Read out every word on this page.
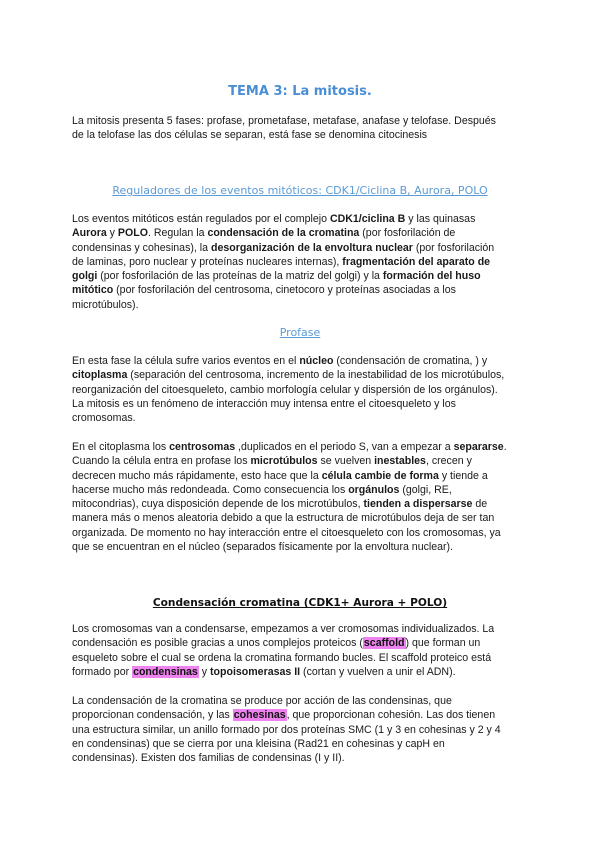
TEMA 3: La mitosis.
La mitosis presenta 5 fases: profase, prometafase, metafase, anafase y telofase. Después
de la telofase las dos células se separan, está fase se denomina citocinesis
Reguladores de los eventos mitóticos: CDK1/Ciclina B, Aurora, POLO
Los eventos mitóticos están regulados por el complejo CDK1/ciclina B y las quinasas
Aurora y POLO. Regulan la condensación de la cromatina (por fosforilación de
condensinas y cohesinas), la desorganización de la envoltura nuclear (por fosforilación
de laminas, poro nuclear y proteínas nucleares internas), fragmentación del aparato de
golgi (por fosforilación de las proteínas de la matriz del golgi) y la formación del huso
mitótico (por fosforilación del centrosoma, cinetocoro y proteínas asociadas a los
microtúbulos).
Profase
En esta fase la célula sufre varios eventos en el núcleo (condensación de cromatina, ) y
citoplasma (separación del centrosoma, incremento de la inestabilidad de los microtúbulos,
reorganización del citoesqueleto, cambio morfología celular y dispersión de los orgánulos).
La mitosis es un fenómeno de interacción muy intensa entre el citoesqueleto y los
cromosomas.
En el citoplasma los centrosomas ,duplicados en el periodo S, van a empezar a separarse.
Cuando la célula entra en profase los microtúbulos se vuelven inestables, crecen y
decrecen mucho más rápidamente, esto hace que la célula cambie de forma y tiende a
hacerse mucho más redondeada. Como consecuencia los orgánulos (golgi, RE,
mitocondrias), cuya disposición depende de los microtúbulos, tienden a dispersarse de
manera más o menos aleatoria debido a que la estructura de microtúbulos deja de ser tan
organizada. De momento no hay interacción entre el citoesqueleto con los cromosomas, ya
que se encuentran en el núcleo (separados físicamente por la envoltura nuclear).
Condensación cromatina (CDK1+ Aurora + POLO)
Los cromosomas van a condensarse, empezamos a ver cromosomas individualizados. La
condensación es posible gracias a unos complejos proteicos (scaffold) que forman un
esqueleto sobre el cual se ordena la cromatina formando bucles. El scaffold proteico está
formado por condensinas y topoisomerasas II (cortan y vuelven a unir el ADN).
La condensación de la cromatina se produce por acción de las condensinas, que
proporcionan condensación, y las cohesinas, que proporcionan cohesión. Las dos tienen
una estructura similar, un anillo formado por dos proteínas SMC (1 y 3 en cohesinas y 2 y 4
en condensinas) que se cierra por una kleisina (Rad21 en cohesinas y capH en
condensinas). Existen dos familias de condensinas (I y II).
